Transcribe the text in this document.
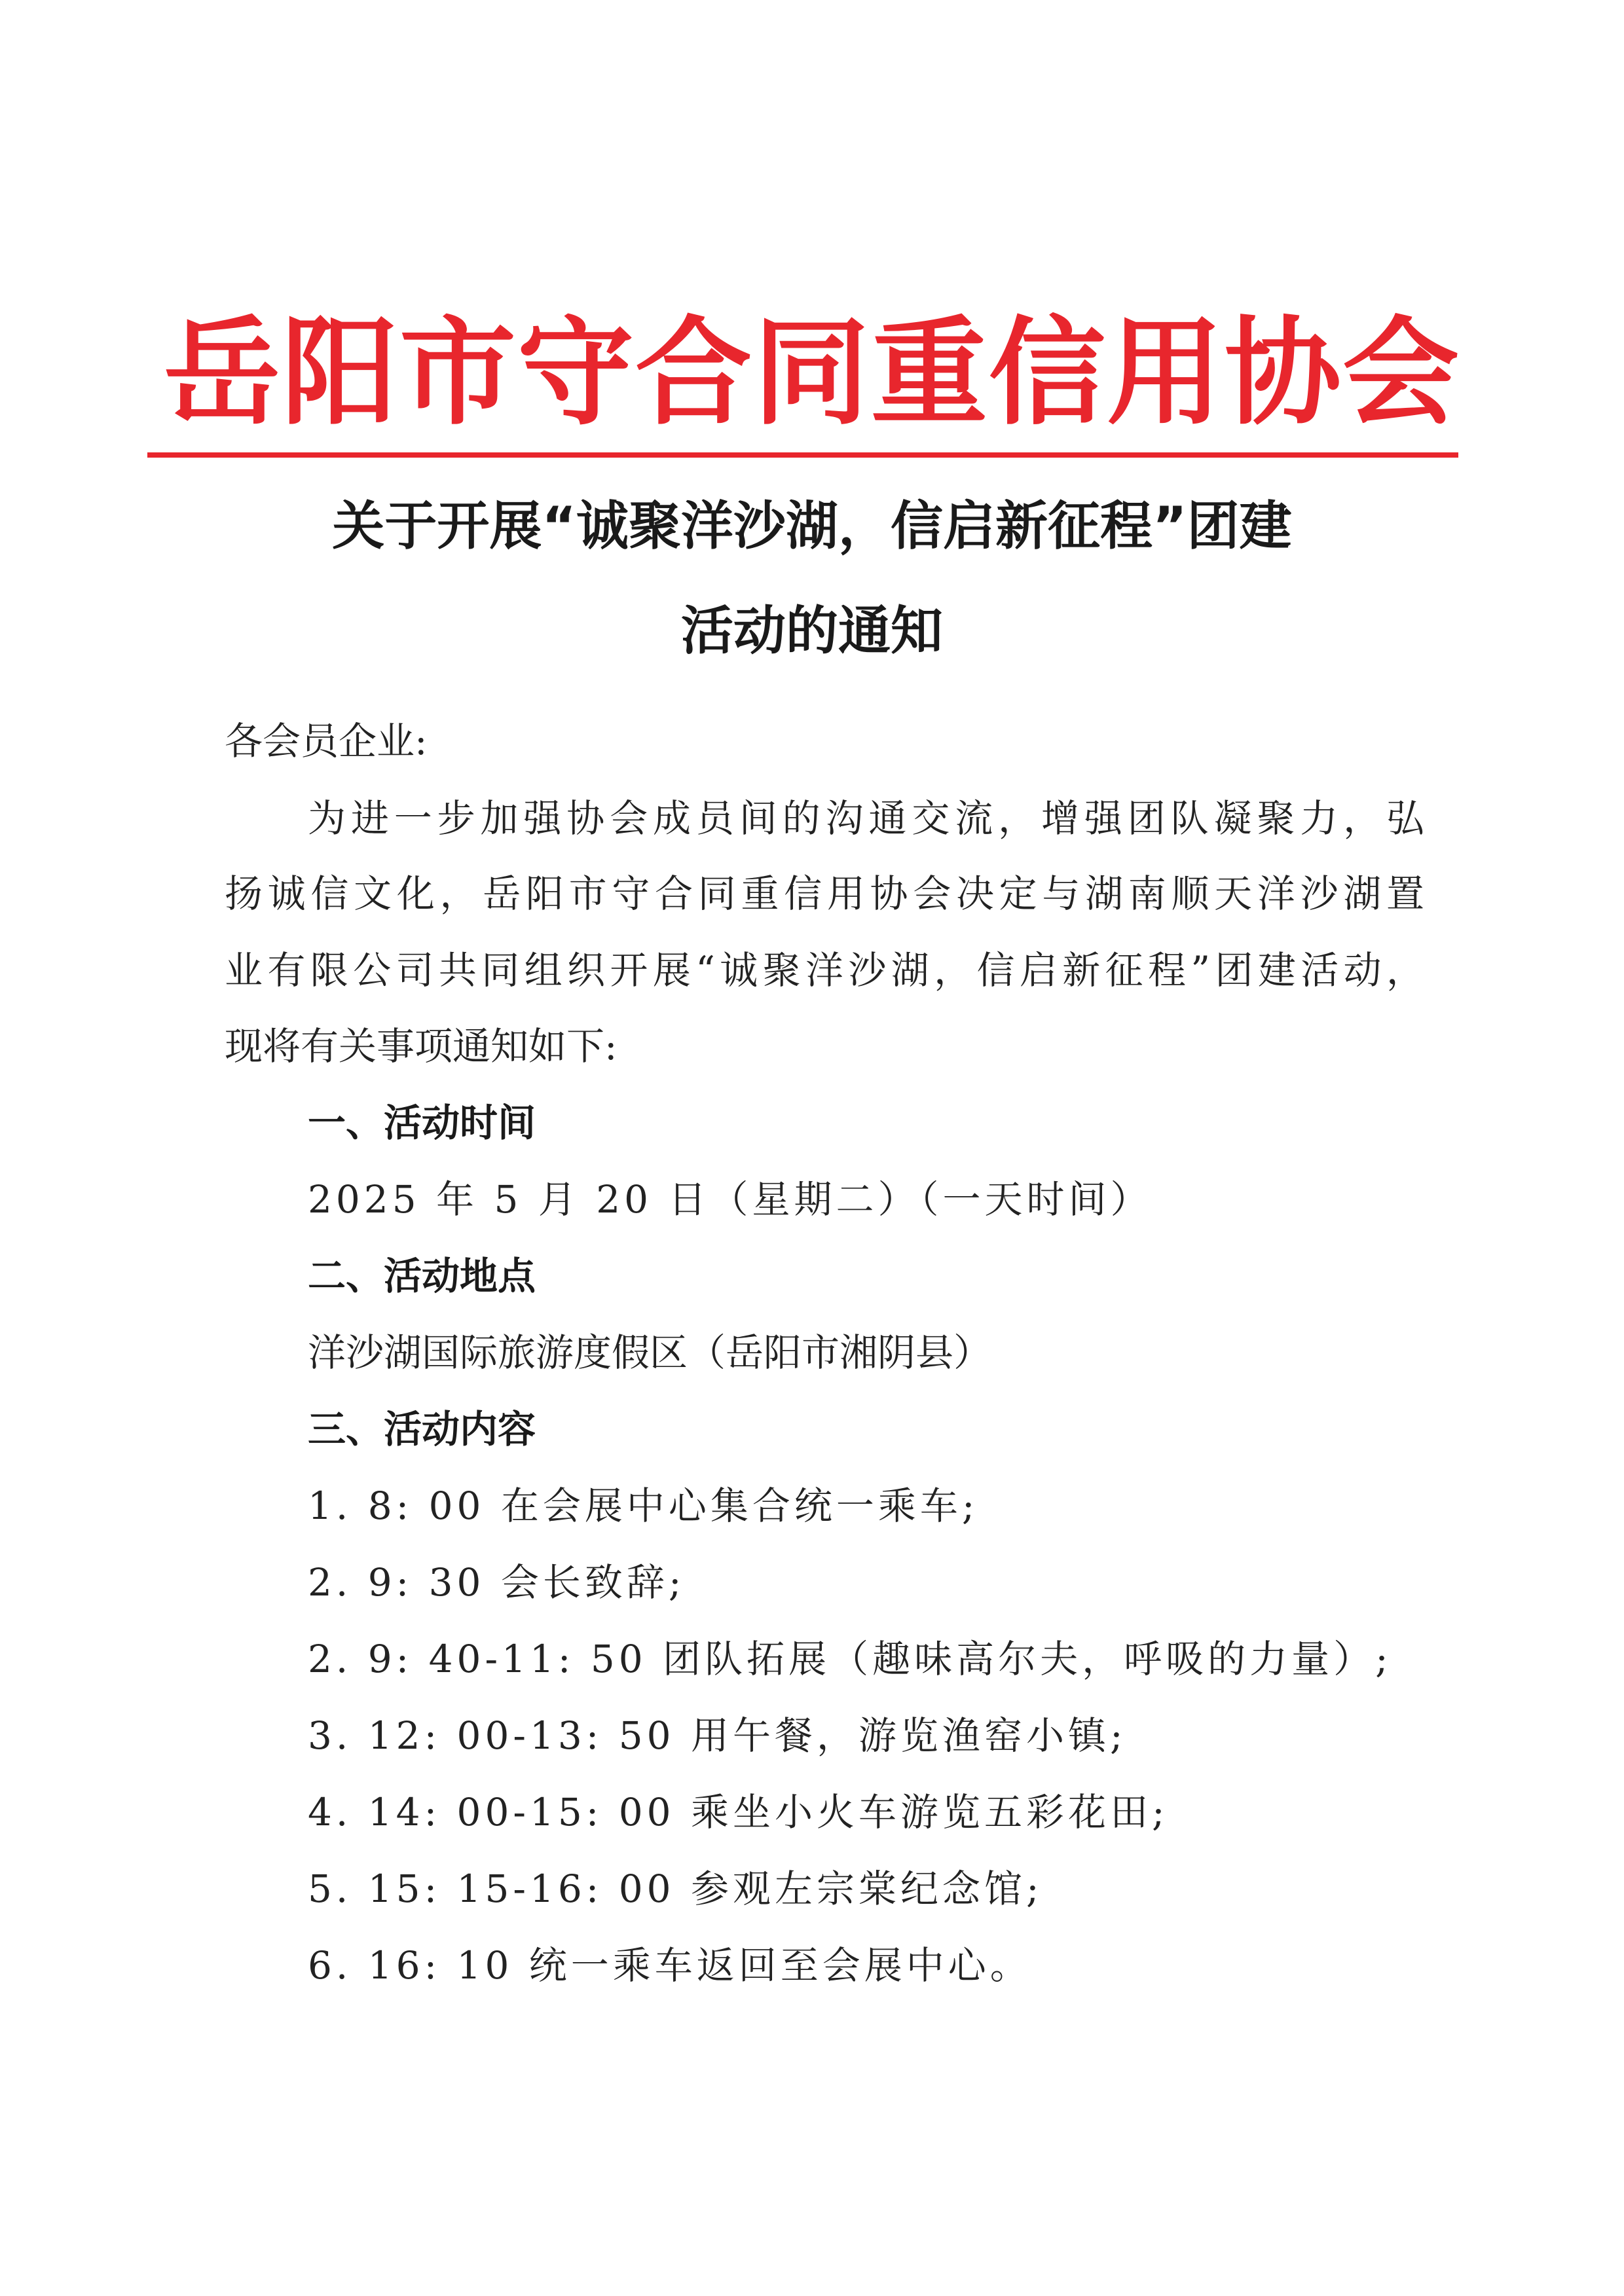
岳阳市守合同重信用协会
关于开展“诚聚洋沙湖，信启新征程”团建
活动的通知
各会员企业:
为进一步加强协会成员间的沟通交流，增强团队凝聚力，弘
扬诚信文化，岳阳市守合同重信用协会决定与湖南顺天洋沙湖置
业有限公司共同组织开展“诚聚洋沙湖，信启新征程”团建活动，
现将有关事项通知如下:
一、活动时间
2025 年 5 月 20 日（星期二）（一天时间）
二、活动地点
洋沙湖国际旅游度假区（岳阳市湘阴县）
三、活动内容
1. 8: 00 在会展中心集合统一乘车;
2. 9: 30 会长致辞;
2. 9: 40-11: 50 团队拓展（趣味高尔夫，呼吸的力量）;
3. 12: 00-13: 50 用午餐，游览渔窑小镇;
4. 14: 00-15: 00 乘坐小火车游览五彩花田;
5. 15: 15-16: 00 参观左宗棠纪念馆;
6. 16: 10 统一乘车返回至会展中心。
